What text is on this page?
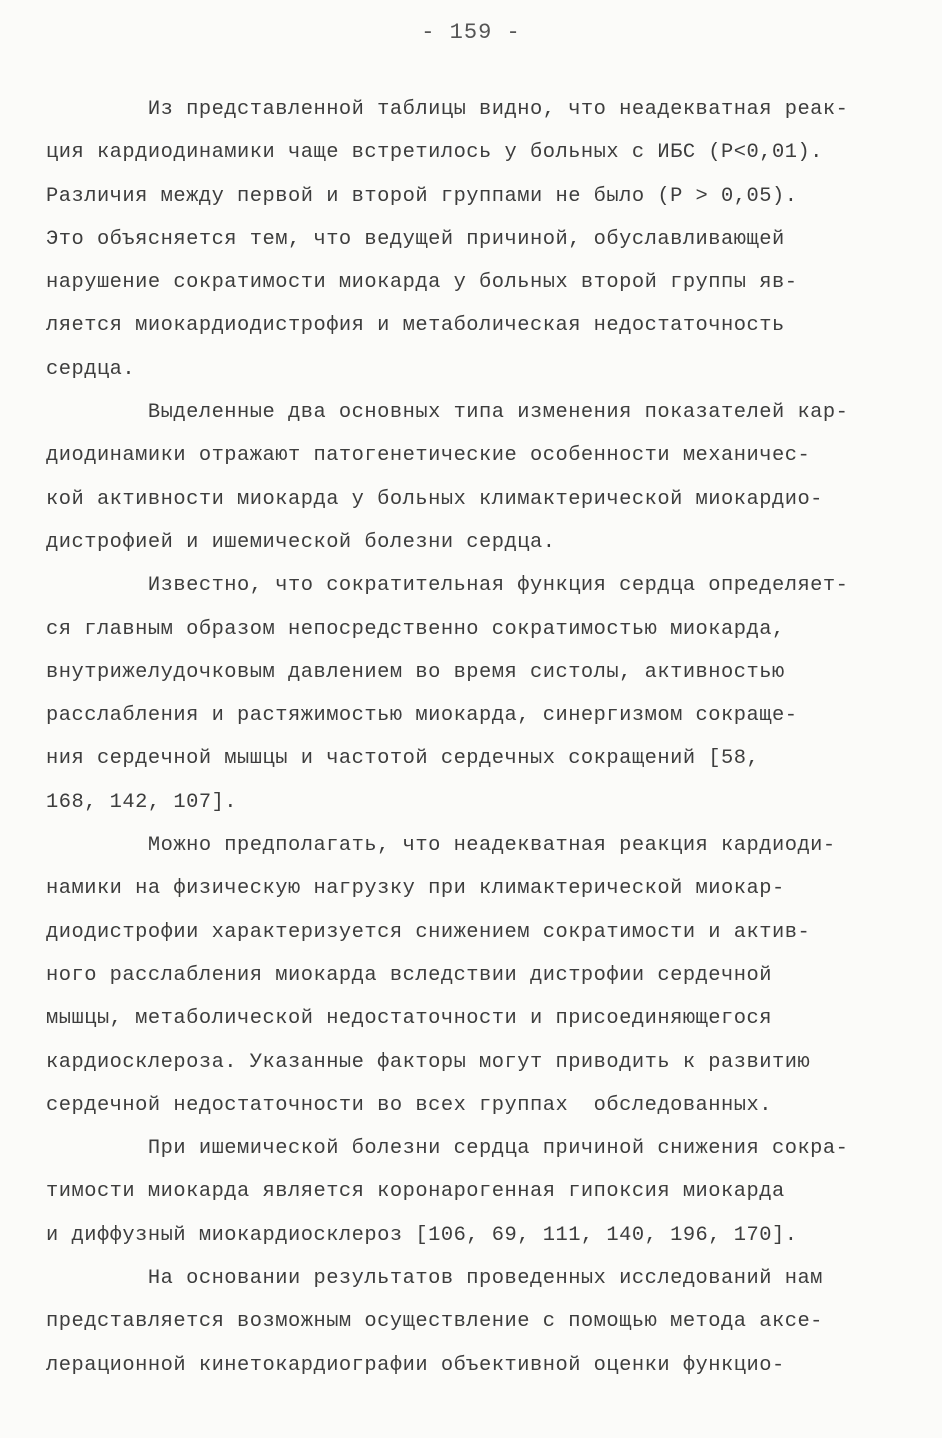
- 159 -
Из представленной таблицы видно, что неадекватная реак-
ция кардиодинамики чаще встретилось у больных с ИБС (Р<0,01).
Различия между первой и второй группами не было (Р > 0,05).
Это объясняется тем, что ведущей причиной, обуславливающей
нарушение сократимости миокарда у больных второй группы яв-
ляется миокардиодистрофия и метаболическая недостаточность
сердца.
Выделенные два основных типа изменения показателей кар-
диодинамики отражают патогенетические особенности механичес-
кой активности миокарда у больных климактерической миокардио-
дистрофией и ишемической болезни сердца.
Известно, что сократительная функция сердца определяет-
ся главным образом непосредственно сократимостью миокарда,
внутрижелудочковым давлением во время систолы, активностью
расслабления и растяжимостью миокарда, синергизмом сокраще-
ния сердечной мышцы и частотой сердечных сокращений [58,
168, 142, 107].
Можно предполагать, что неадекватная реакция кардиоди-
намики на физическую нагрузку при климактерической миокар-
диодистрофии характеризуется снижением сократимости и актив-
ного расслабления миокарда вследствии дистрофии сердечной
мышцы, метаболической недостаточности и присоединяющегося
кардиосклероза. Указанные факторы могут приводить к развитию
сердечной недостаточности во всех группах  обследованных.
При ишемической болезни сердца причиной снижения сокра-
тимости миокарда является коронарогенная гипоксия миокарда
и диффузный миокардиосклероз [106, 69, 111, 140, 196, 170].
На основании результатов проведенных исследований нам
представляется возможным осуществление с помощью метода аксе-
лерационной кинетокардиографии объективной оценки функцио-
